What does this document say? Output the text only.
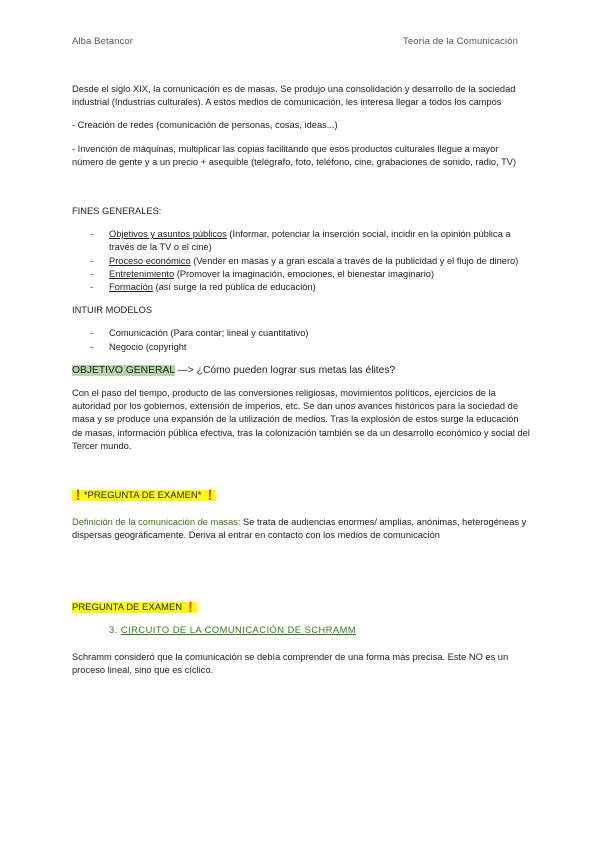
Alba Betancor	Teoría de la Comunicación

Desde el siglo XIX, la comunicación es de masas. Se produjo una consolidación y desarrollo de la sociedad industrial (Industrias culturales). A estos medios de comunicación, les interesa llegar a todos los campos

- Creación de redes (comunicación de personas, cosas, ideas...)

- Invención de máquinas, multiplicar las copias facilitando que esos productos culturales llegue a mayor número de gente y a un precio + asequible (telégrafo, foto, teléfono, cine, grabaciones de sonido, radio, TV)

FINES GENERALES:

- Objetivos y asuntos públicos (Informar, potenciar la inserción social, incidir en la opinión pública a través de la TV o el cine)
- Proceso económico (Vender en masas y a gran escala a través de la publicidad y el flujo de dinero)
- Entretenimiento (Promover la imaginación, emociones, el bienestar imaginario)
- Formación (así surge la red pública de educación)

INTUIR MODELOS

- Comunicación (Para contar; lineal y cuantitativo)
- Negocio (copyright

OBJETIVO GENERAL —> ¿Cómo pueden lograr sus metas las élites?

Con el paso del tiempo, producto de las conversiones religiosas, movimientos políticos, ejercicios de la autoridad por los gobiernos, extensión de imperios, etc. Se dan unos avances históricos para la sociedad de masa y se produce una expansión de la utilización de medios. Tras la explosión de estos surge la educación de masas, información pública efectiva, tras la colonización también se da un desarrollo económico y social del Tercer mundo.

❗*PREGUNTA DE EXAMEN* ❗

Definición de la comunicación de masas: Se trata de audiencias enormes/ amplias, anónimas, heterogéneas y dispersas geográficamente. Deriva al entrar en contacto con los medios de comunicación

PREGUNTA DE EXAMEN ❗

3. CIRCUITO DE LA COMUNICACIÓN DE SCHRAMM

Schramm consideró que la comunicación se debía comprender de una forma más precisa. Este NO es un proceso lineal, sino que es cíclico.
